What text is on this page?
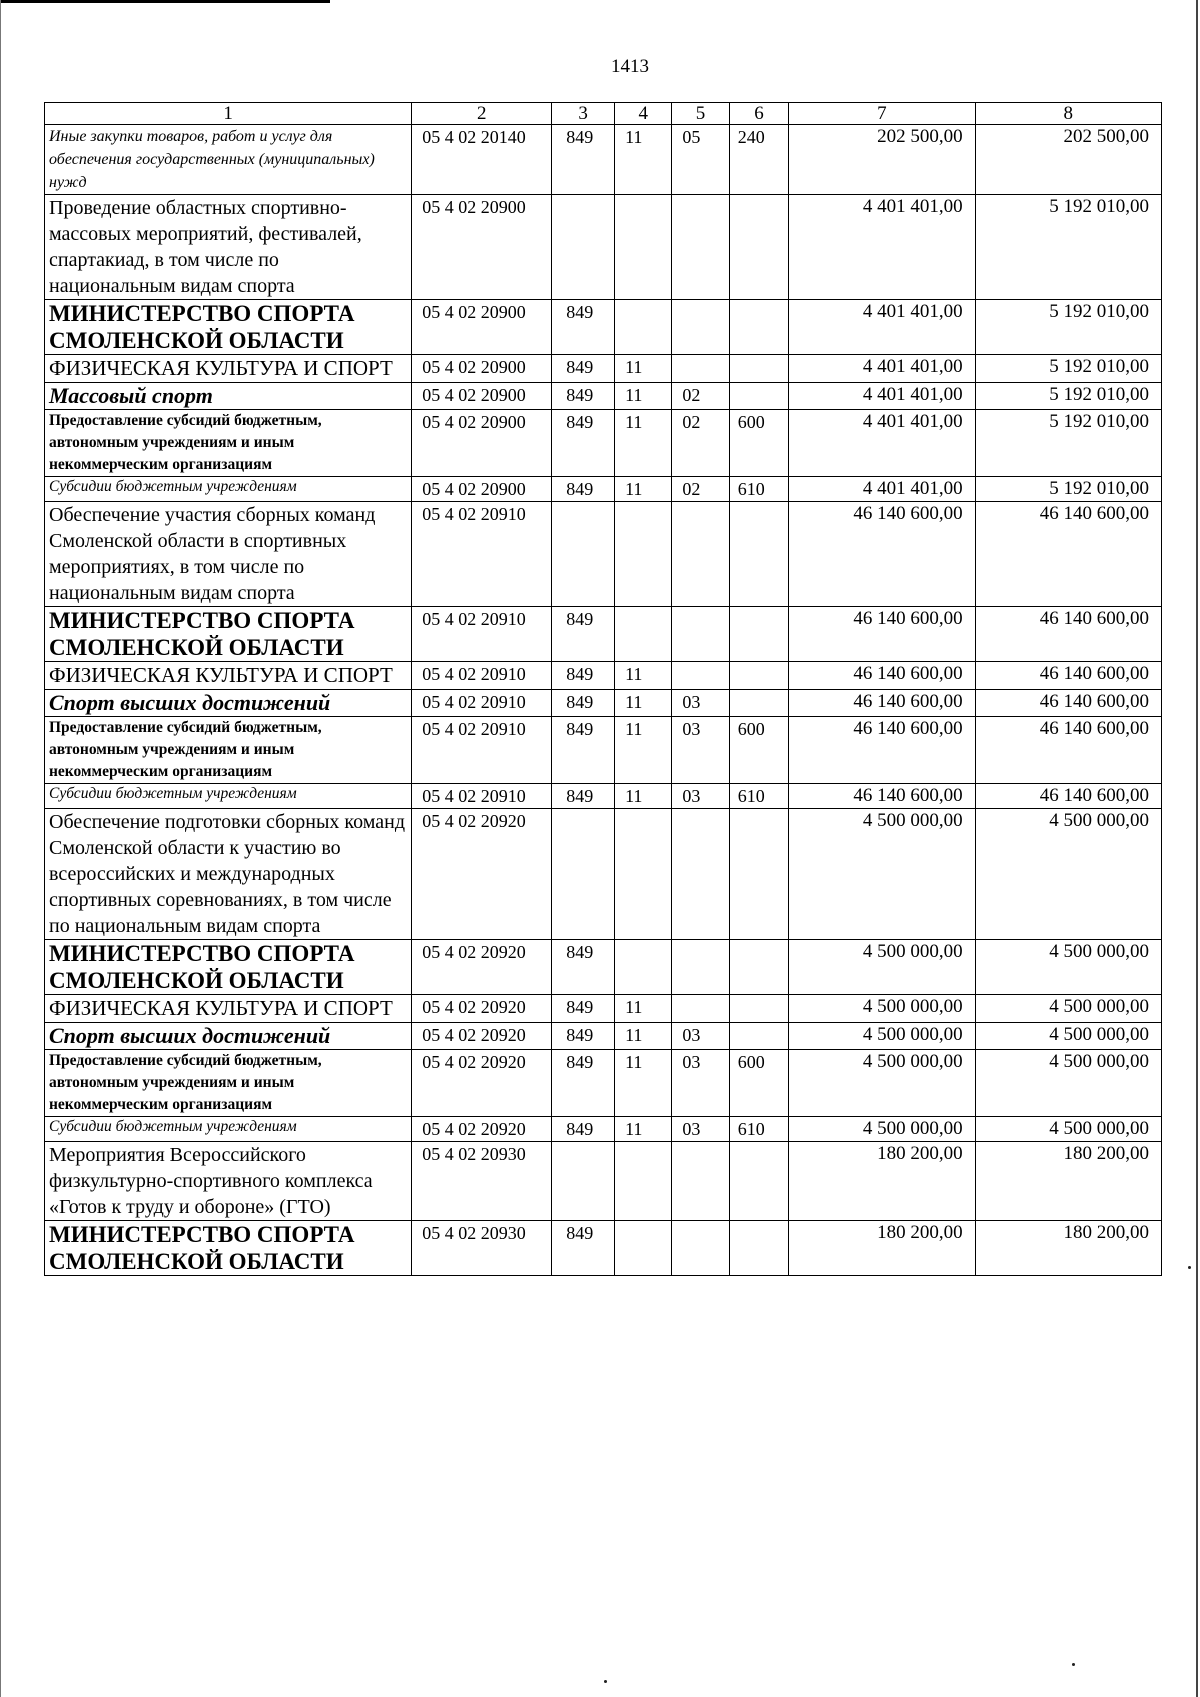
1413
1	2	3	4	5	6	7	8
Иные закупки товаров, работ и услуг для обеспечения государственных (муниципальных) нужд	05 4 02 20140	849	11	05	240	202 500,00	202 500,00
Проведение областных спортивно-массовых мероприятий, фестивалей, спартакиад, в том числе по национальным видам спорта	05 4 02 20900					4 401 401,00	5 192 010,00
МИНИСТЕРСТВО СПОРТА СМОЛЕНСКОЙ ОБЛАСТИ	05 4 02 20900	849				4 401 401,00	5 192 010,00
ФИЗИЧЕСКАЯ КУЛЬТУРА И СПОРТ	05 4 02 20900	849	11			4 401 401,00	5 192 010,00
Массовый спорт	05 4 02 20900	849	11	02		4 401 401,00	5 192 010,00
Предоставление субсидий бюджетным, автономным учреждениям и иным некоммерческим организациям	05 4 02 20900	849	11	02	600	4 401 401,00	5 192 010,00
Субсидии бюджетным учреждениям	05 4 02 20900	849	11	02	610	4 401 401,00	5 192 010,00
Обеспечение участия сборных команд Смоленской области в спортивных мероприятиях, в том числе по национальным видам спорта	05 4 02 20910					46 140 600,00	46 140 600,00
МИНИСТЕРСТВО СПОРТА СМОЛЕНСКОЙ ОБЛАСТИ	05 4 02 20910	849				46 140 600,00	46 140 600,00
ФИЗИЧЕСКАЯ КУЛЬТУРА И СПОРТ	05 4 02 20910	849	11			46 140 600,00	46 140 600,00
Спорт высших достижений	05 4 02 20910	849	11	03		46 140 600,00	46 140 600,00
Предоставление субсидий бюджетным, автономным учреждениям и иным некоммерческим организациям	05 4 02 20910	849	11	03	600	46 140 600,00	46 140 600,00
Субсидии бюджетным учреждениям	05 4 02 20910	849	11	03	610	46 140 600,00	46 140 600,00
Обеспечение подготовки сборных команд Смоленской области к участию во всероссийских и международных спортивных соревнованиях, в том числе по национальным видам спорта	05 4 02 20920					4 500 000,00	4 500 000,00
МИНИСТЕРСТВО СПОРТА СМОЛЕНСКОЙ ОБЛАСТИ	05 4 02 20920	849				4 500 000,00	4 500 000,00
ФИЗИЧЕСКАЯ КУЛЬТУРА И СПОРТ	05 4 02 20920	849	11			4 500 000,00	4 500 000,00
Спорт высших достижений	05 4 02 20920	849	11	03		4 500 000,00	4 500 000,00
Предоставление субсидий бюджетным, автономным учреждениям и иным некоммерческим организациям	05 4 02 20920	849	11	03	600	4 500 000,00	4 500 000,00
Субсидии бюджетным учреждениям	05 4 02 20920	849	11	03	610	4 500 000,00	4 500 000,00
Мероприятия Всероссийского физкультурно-спортивного комплекса «Готов к труду и обороне» (ГТО)	05 4 02 20930					180 200,00	180 200,00
МИНИСТЕРСТВО СПОРТА СМОЛЕНСКОЙ ОБЛАСТИ	05 4 02 20930	849				180 200,00	180 200,00
